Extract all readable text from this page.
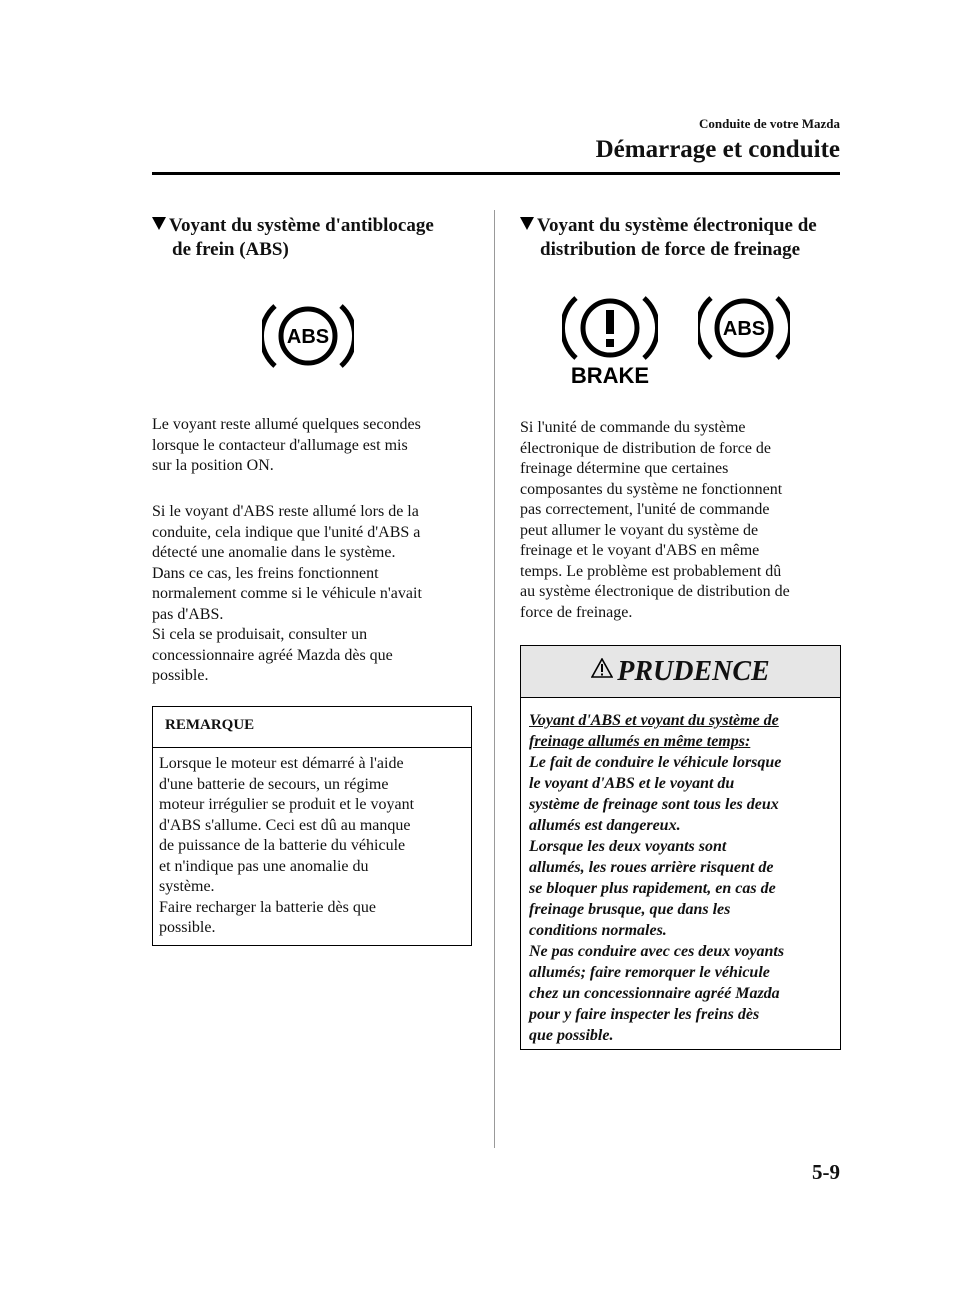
Conduite de votre Mazda
Démarrage et conduite
Voyant du système d'antiblocage
de frein (ABS)
ABS
Le voyant reste allumé quelques secondes
lorsque le contacteur d'allumage est mis
sur la position ON.
Si le voyant d'ABS reste allumé lors de la
conduite, cela indique que l'unité d'ABS a
détecté une anomalie dans le système.
Dans ce cas, les freins fonctionnent
normalement comme si le véhicule n'avait
pas d'ABS.
Si cela se produisait, consulter un
concessionnaire agréé Mazda dès que
possible.
REMARQUE
Lorsque le moteur est démarré à l'aide
d'une batterie de secours, un régime
moteur irrégulier se produit et le voyant
d'ABS s'allume. Ceci est dû au manque
de puissance de la batterie du véhicule
et n'indique pas une anomalie du
système.
Faire recharger la batterie dès que
possible.
Voyant du système électronique de
distribution de force de freinage
BRAKE
ABS
Si l'unité de commande du système
électronique de distribution de force de
freinage détermine que certaines
composantes du système ne fonctionnent
pas correctement, l'unité de commande
peut allumer le voyant du système de
freinage et le voyant d'ABS en même
temps. Le problème est probablement dû
au système électronique de distribution de
force de freinage.
PRUDENCE
Voyant d'ABS et voyant du système de
freinage allumés en même temps:
Le fait de conduire le véhicule lorsque
le voyant d'ABS et le voyant du
système de freinage sont tous les deux
allumés est dangereux.
Lorsque les deux voyants sont
allumés, les roues arrière risquent de
se bloquer plus rapidement, en cas de
freinage brusque, que dans les
conditions normales.
Ne pas conduire avec ces deux voyants
allumés; faire remorquer le véhicule
chez un concessionnaire agréé Mazda
pour y faire inspecter les freins dès
que possible.
5-9
